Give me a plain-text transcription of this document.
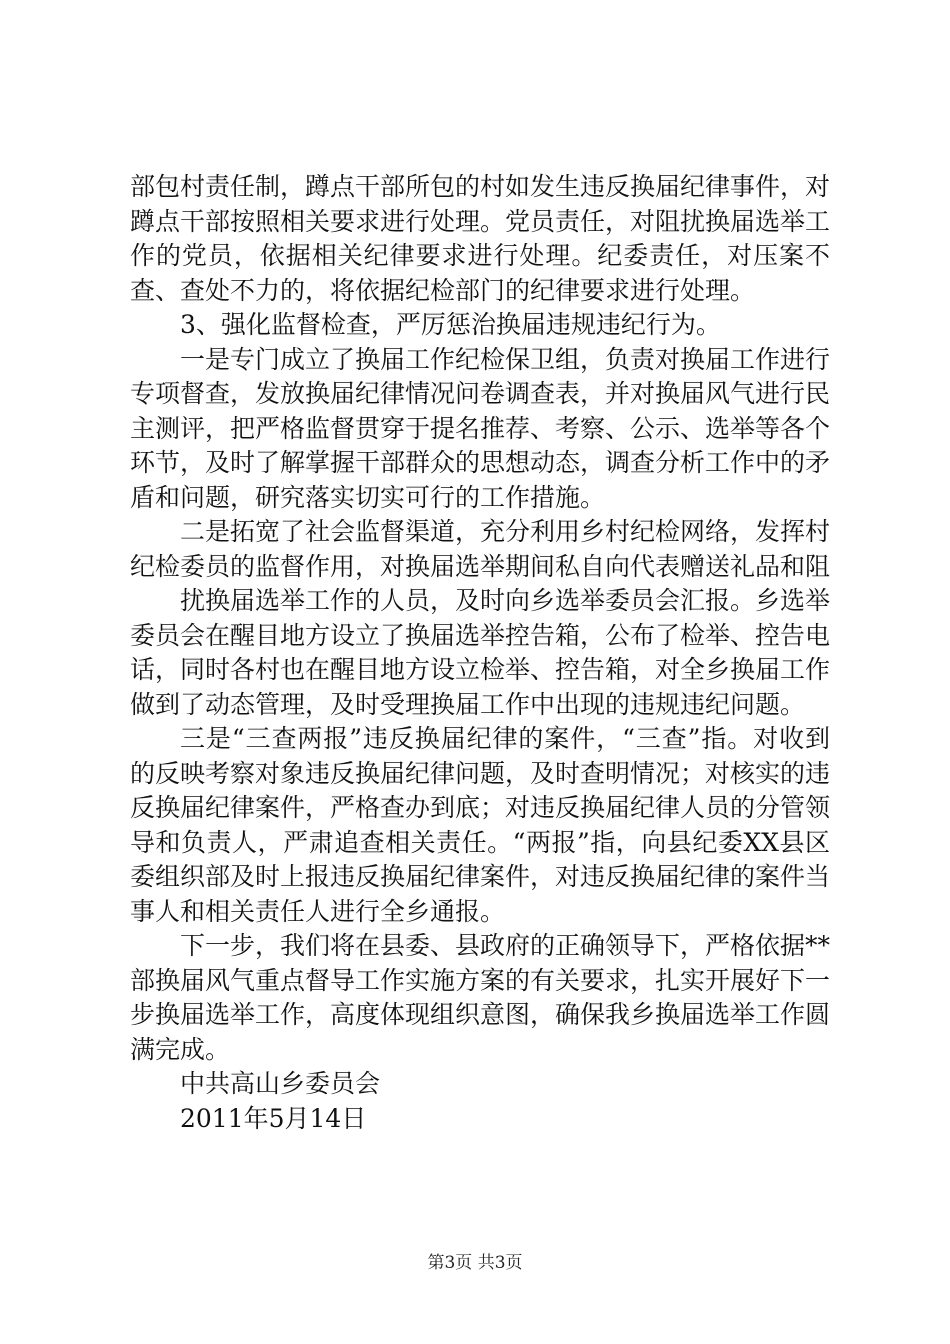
部包村责任制，蹲点干部所包的村如发生违反换届纪律事件，对蹲点干部按照相关要求进行处理。党员责任，对阻扰换届选举工作的党员，依据相关纪律要求进行处理。纪委责任，对压案不查、查处不力的，将依据纪检部门的纪律要求进行处理。

3、强化监督检查，严厉惩治换届违规违纪行为。

一是专门成立了换届工作纪检保卫组，负责对换届工作进行专项督查，发放换届纪律情况问卷调查表，并对换届风气进行民主测评，把严格监督贯穿于提名推荐、考察、公示、选举等各个环节，及时了解掌握干部群众的思想动态，调查分析工作中的矛盾和问题，研究落实切实可行的工作措施。

二是拓宽了社会监督渠道，充分利用乡村纪检网络，发挥村纪检委员的监督作用，对换届选举期间私自向代表赠送礼品和阻

扰换届选举工作的人员，及时向乡选举委员会汇报。乡选举委员会在醒目地方设立了换届选举控告箱，公布了检举、控告电话，同时各村也在醒目地方设立检举、控告箱，对全乡换届工作做到了动态管理，及时受理换届工作中出现的违规违纪问题。

三是“三查两报”违反换届纪律的案件，“三查”指。对收到的反映考察对象违反换届纪律问题，及时查明情况；对核实的违反换届纪律案件，严格查办到底；对违反换届纪律人员的分管领导和负责人，严肃追查相关责任。“两报”指，向县纪委XX县区委组织部及时上报违反换届纪律案件，对违反换届纪律的案件当事人和相关责任人进行全乡通报。

下一步，我们将在县委、县政府的正确领导下，严格依据**部换届风气重点督导工作实施方案的有关要求，扎实开展好下一步换届选举工作，高度体现组织意图，确保我乡换届选举工作圆满完成。

中共高山乡委员会

2011年5月14日

第3页 共3页
